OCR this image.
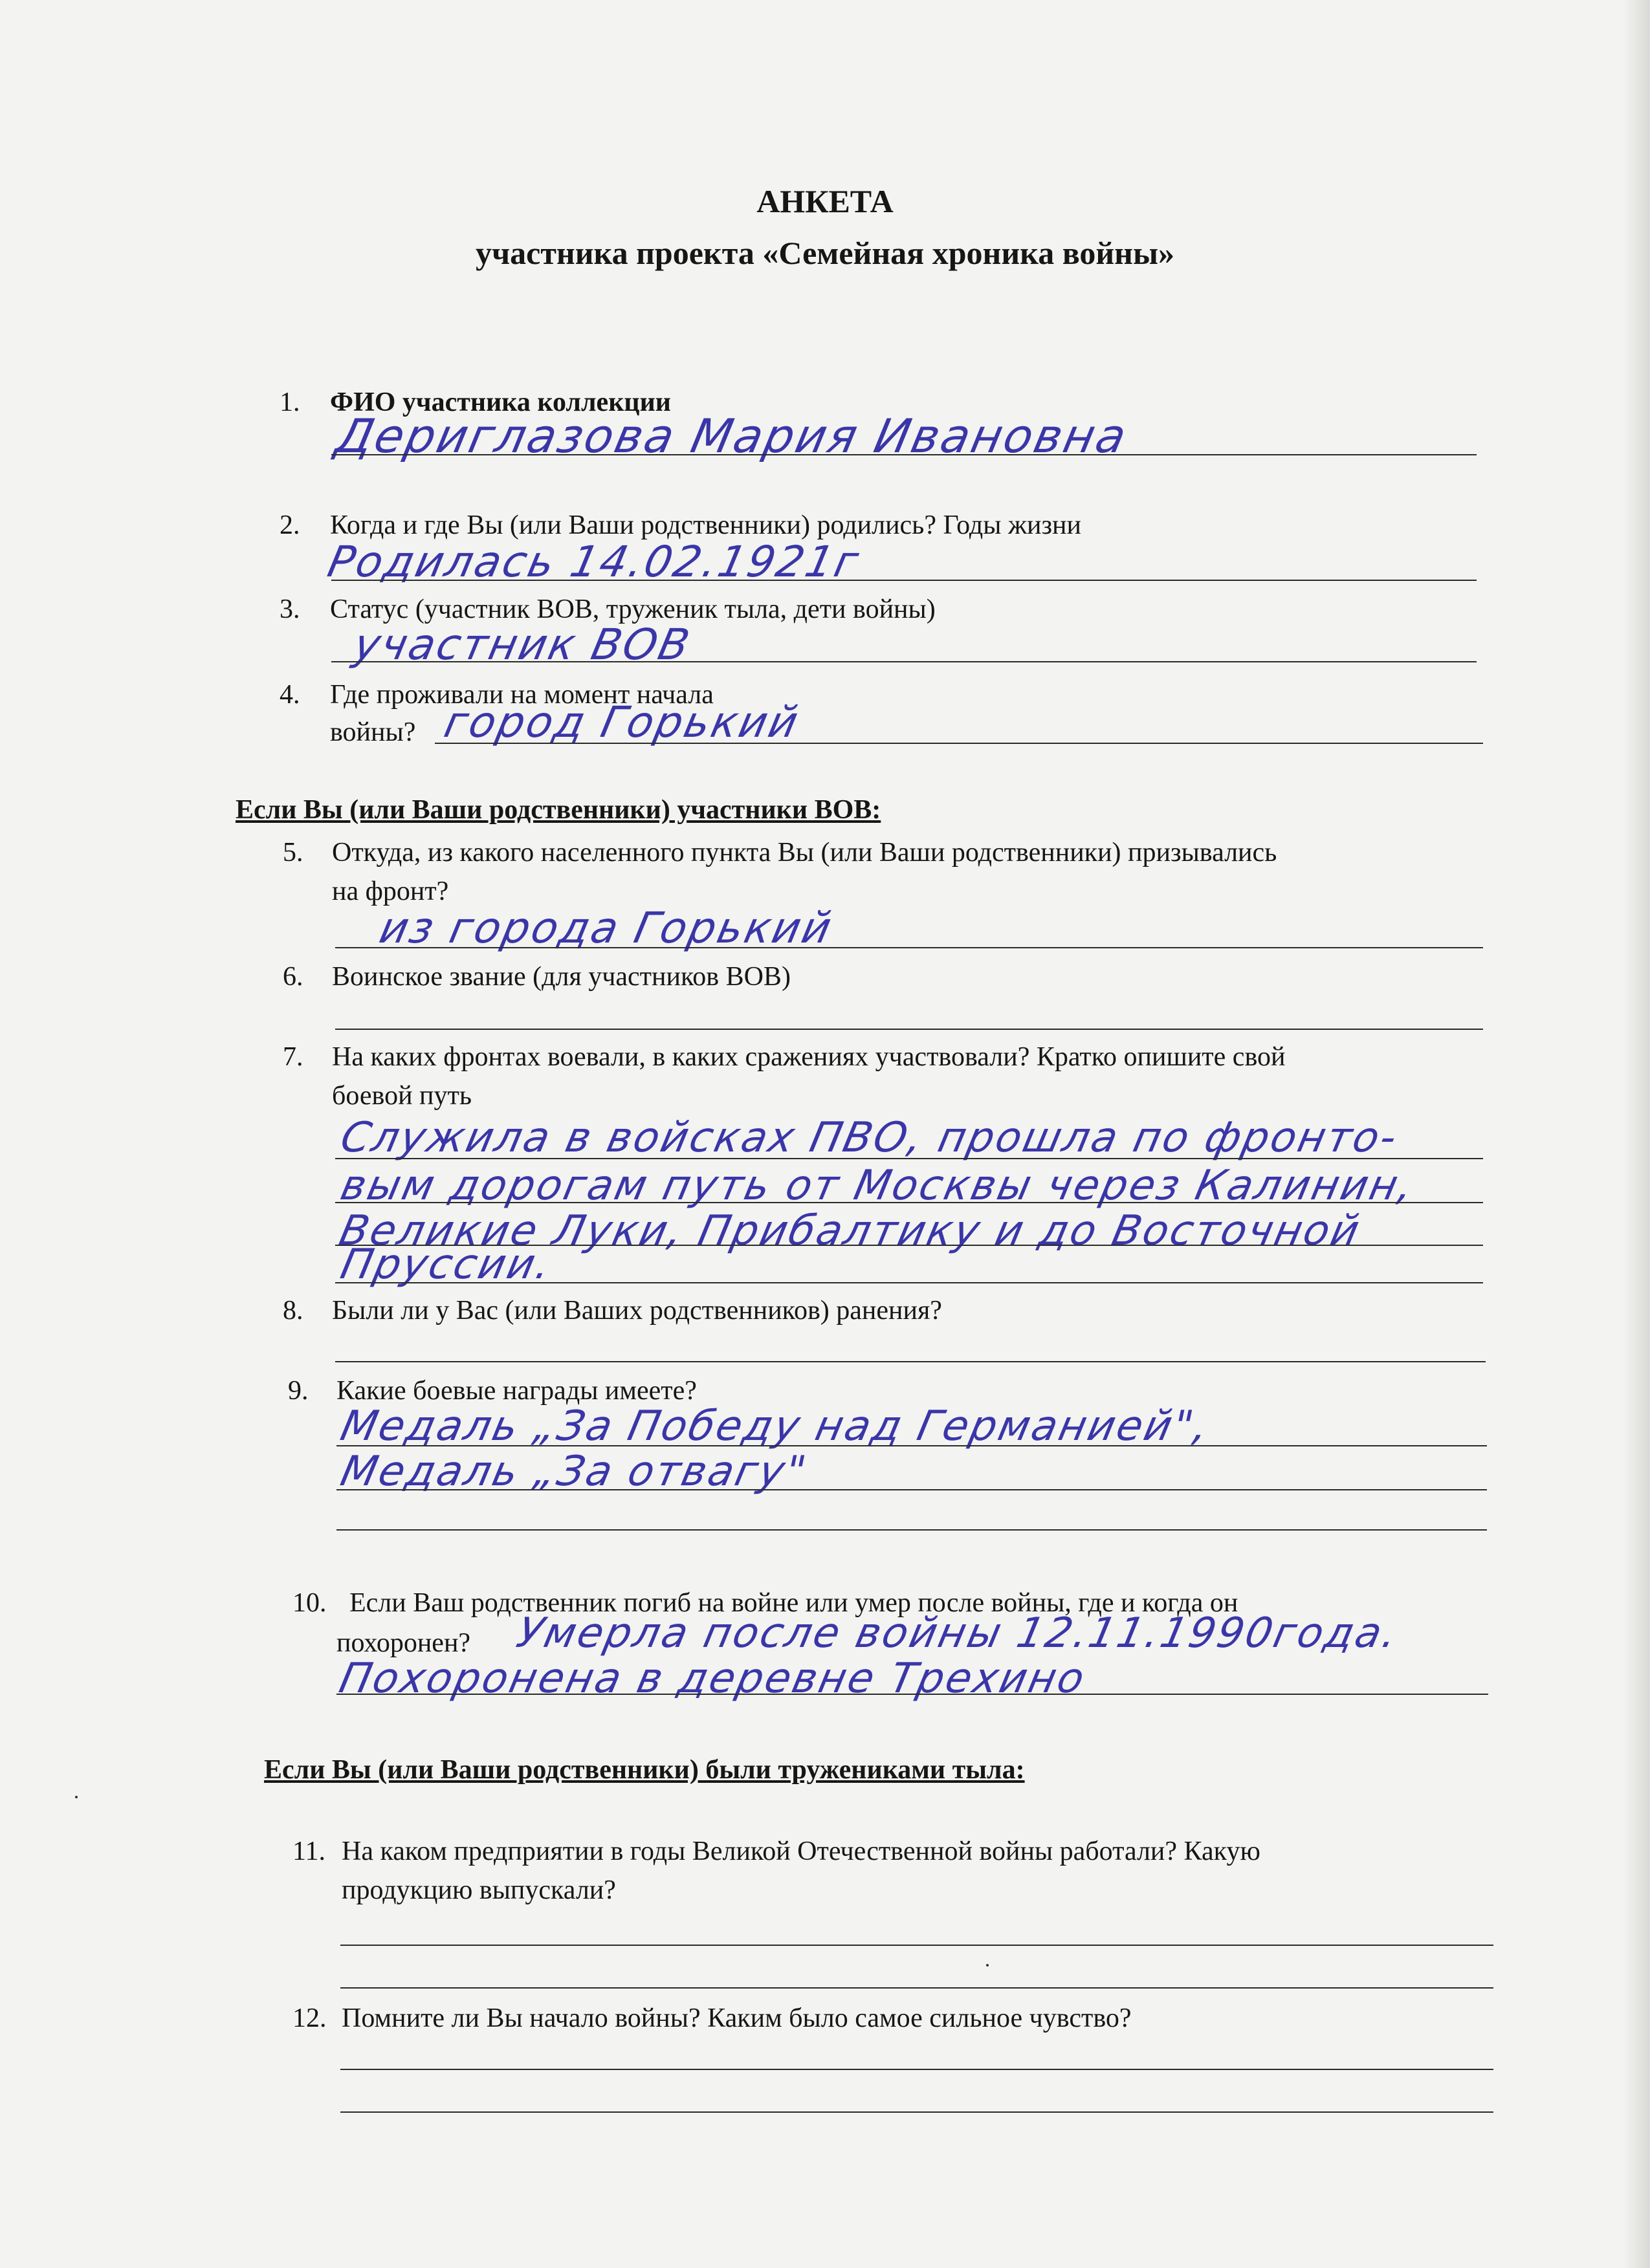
АНКЕТА
участника проекта «Семейная хроника войны»
1. ФИО участника коллекции
Дериглазова Мария Ивановна
2. Когда и где Вы (или Ваши родственники) родились? Годы жизни
Родилась 14.02.1921г
3. Статус (участник ВОВ, труженик тыла, дети войны)
участник ВОВ
4. Где проживали на момент начала
войны? город Горький
Если Вы (или Ваши родственники) участники ВОВ:
5. Откуда, из какого населенного пункта Вы (или Ваши родственники) призывались
на фронт?
из города Горький
6. Воинское звание (для участников ВОВ)
7. На каких фронтах воевали, в каких сражениях участвовали? Кратко опишите свой
боевой путь
Служила в войсках ПВО, прошла по фронто-
вым дорогам путь от Москвы через Калинин,
Великие Луки, Прибалтику и до Восточной
Пруссии.
8. Были ли у Вас (или Ваших родственников) ранения?
9. Какие боевые награды имеете?
Медаль „За Победу над Германией",
Медаль „За отвагу"
10. Если Ваш родственник погиб на войне или умер после войны, где и когда он
похоронен? Умерла после войны 12.11.1990года.
Похоронена в деревне Трехино
Если Вы (или Ваши родственники) были тружениками тыла:
11. На каком предприятии в годы Великой Отечественной войны работали? Какую
продукцию выпускали?
12. Помните ли Вы начало войны? Каким было самое сильное чувство?
